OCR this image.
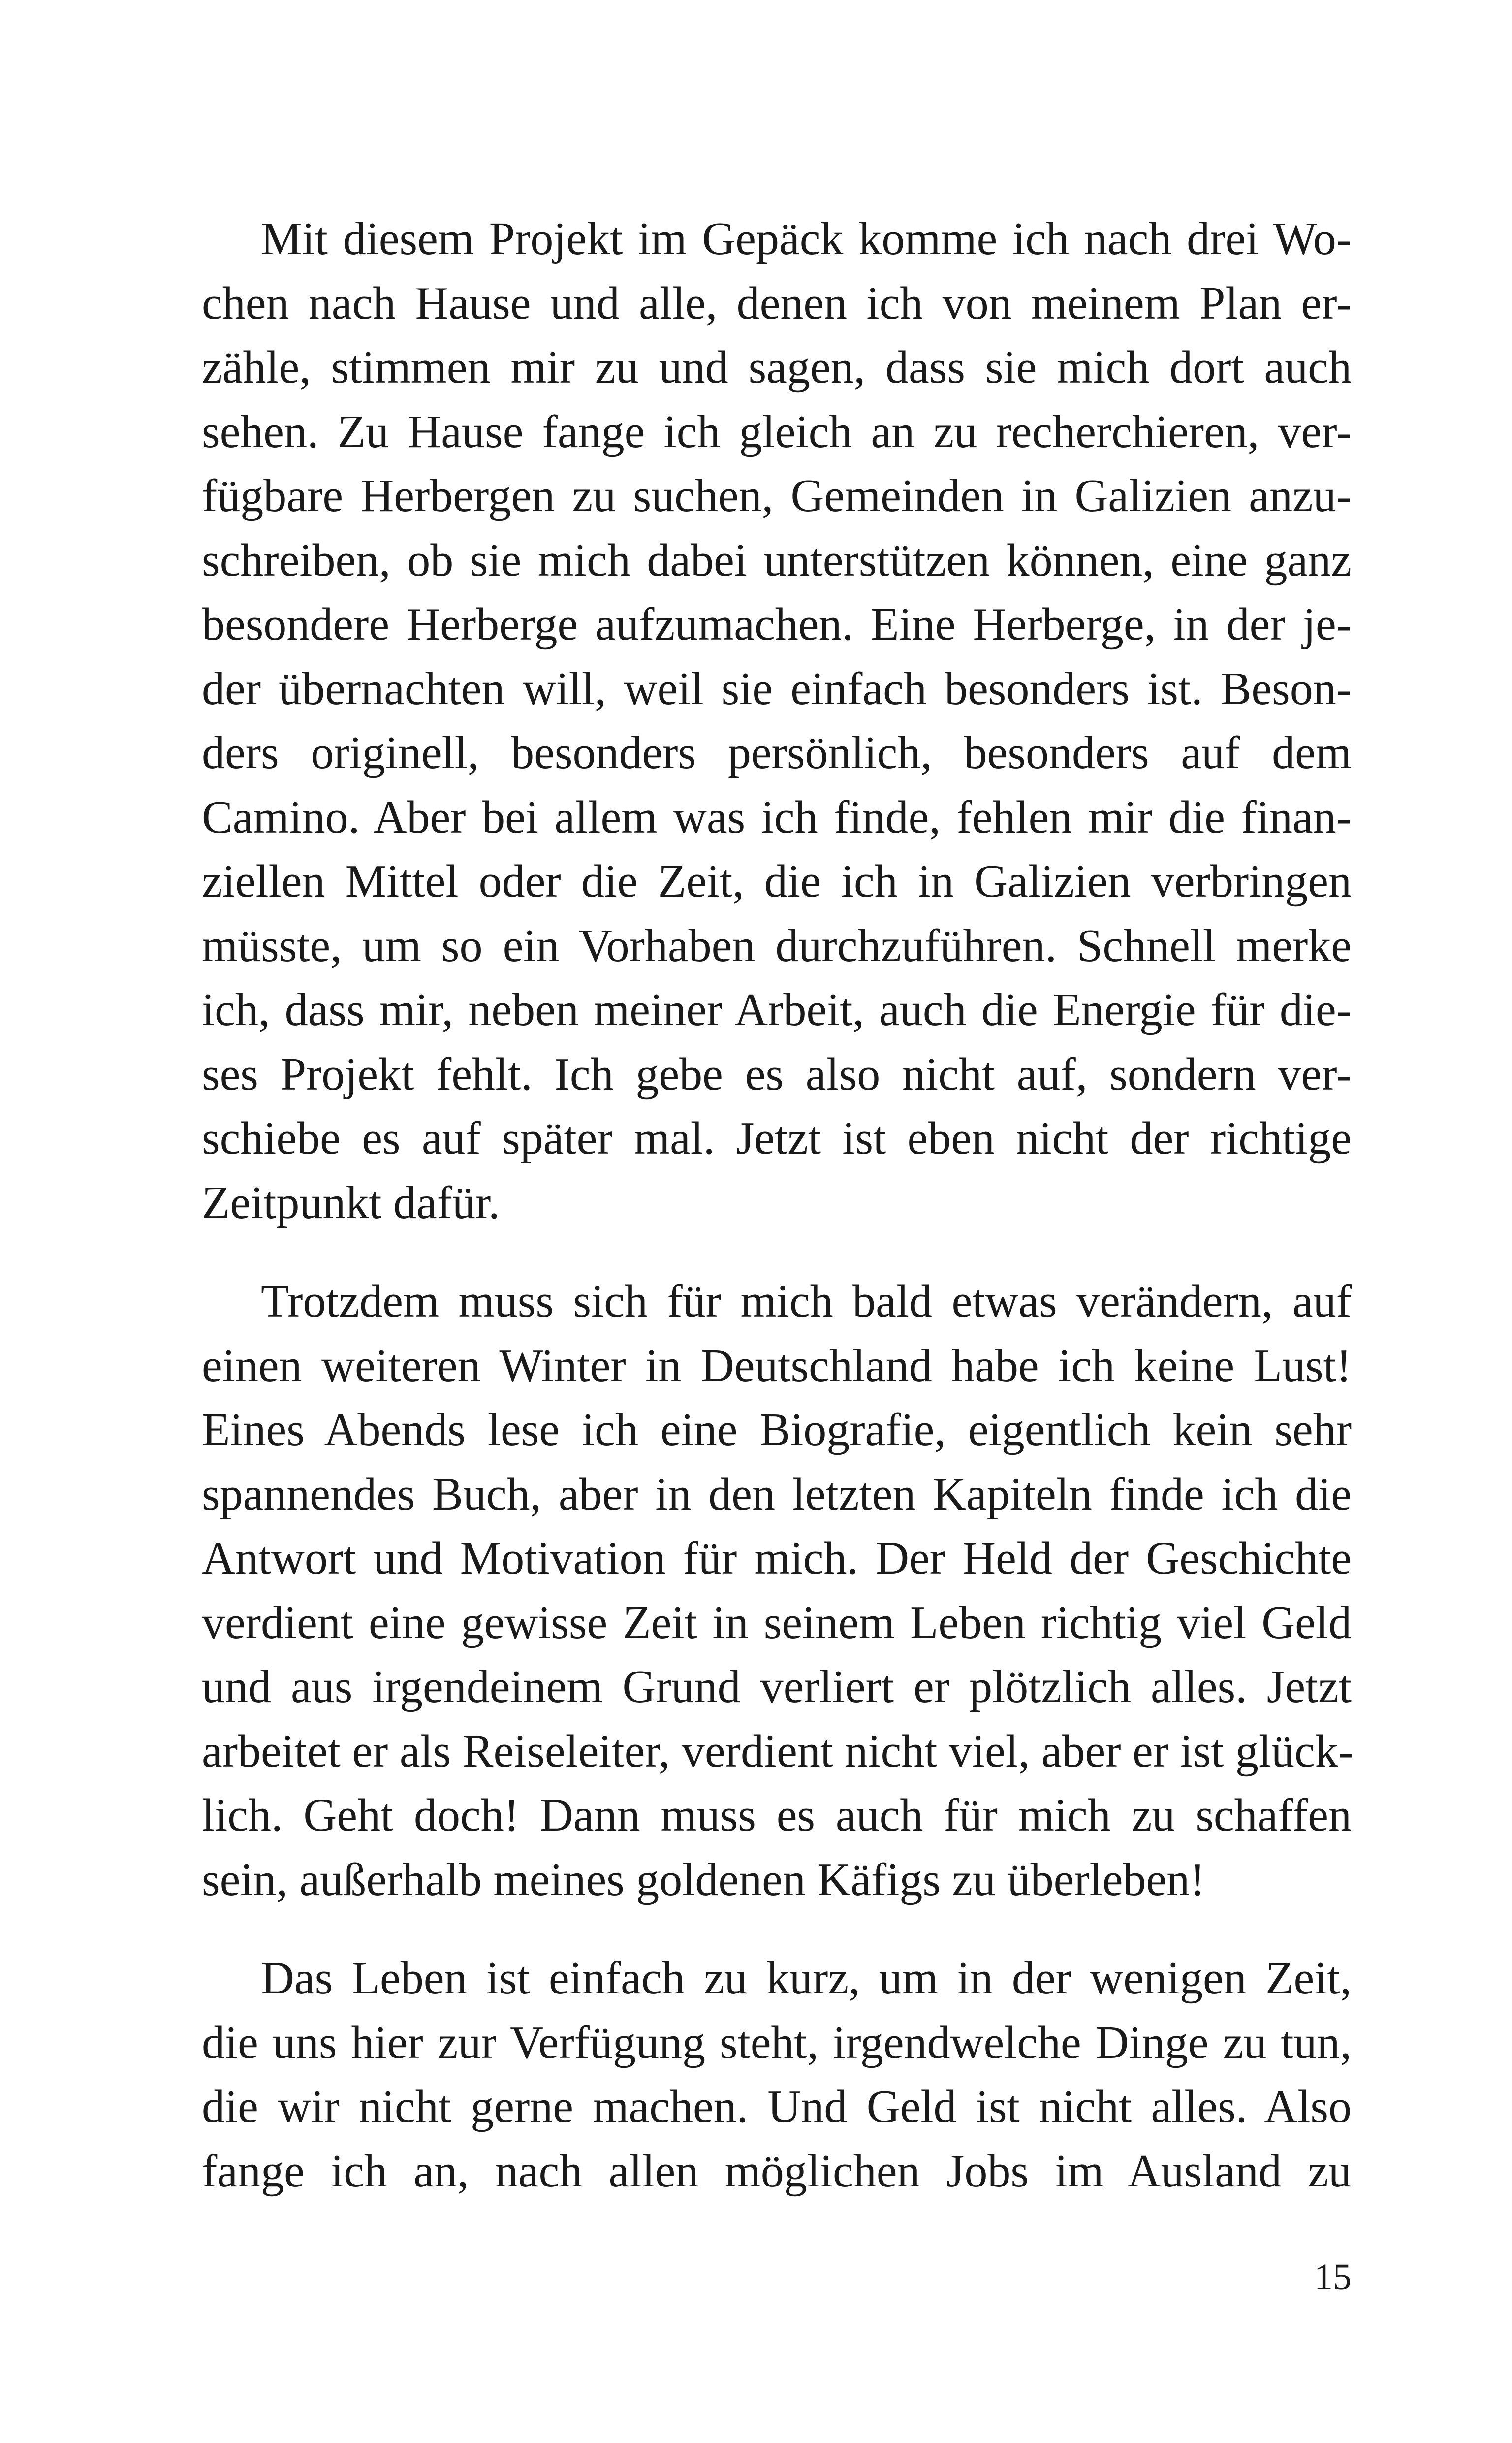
Mit diesem Projekt im Gepäck komme ich nach drei Wo-
chen nach Hause und alle, denen ich von meinem Plan er-
zähle, stimmen mir zu und sagen, dass sie mich dort auch
sehen. Zu Hause fange ich gleich an zu recherchieren, ver-
fügbare Herbergen zu suchen, Gemeinden in Galizien anzu-
schreiben, ob sie mich dabei unterstützen können, eine ganz
besondere Herberge aufzumachen. Eine Herberge, in der je-
der übernachten will, weil sie einfach besonders ist. Beson-
ders originell, besonders persönlich, besonders auf dem
Camino. Aber bei allem was ich finde, fehlen mir die finan-
ziellen Mittel oder die Zeit, die ich in Galizien verbringen
müsste, um so ein Vorhaben durchzuführen. Schnell merke
ich, dass mir, neben meiner Arbeit, auch die Energie für die-
ses Projekt fehlt. Ich gebe es also nicht auf, sondern ver-
schiebe es auf später mal. Jetzt ist eben nicht der richtige
Zeitpunkt dafür.
Trotzdem muss sich für mich bald etwas verändern, auf
einen weiteren Winter in Deutschland habe ich keine Lust!
Eines Abends lese ich eine Biografie, eigentlich kein sehr
spannendes Buch, aber in den letzten Kapiteln finde ich die
Antwort und Motivation für mich. Der Held der Geschichte
verdient eine gewisse Zeit in seinem Leben richtig viel Geld
und aus irgendeinem Grund verliert er plötzlich alles. Jetzt
arbeitet er als Reiseleiter, verdient nicht viel, aber er ist glück-
lich. Geht doch! Dann muss es auch für mich zu schaffen
sein, außerhalb meines goldenen Käfigs zu überleben!
Das Leben ist einfach zu kurz, um in der wenigen Zeit,
die uns hier zur Verfügung steht, irgendwelche Dinge zu tun,
die wir nicht gerne machen. Und Geld ist nicht alles. Also
fange ich an, nach allen möglichen Jobs im Ausland zu
15
